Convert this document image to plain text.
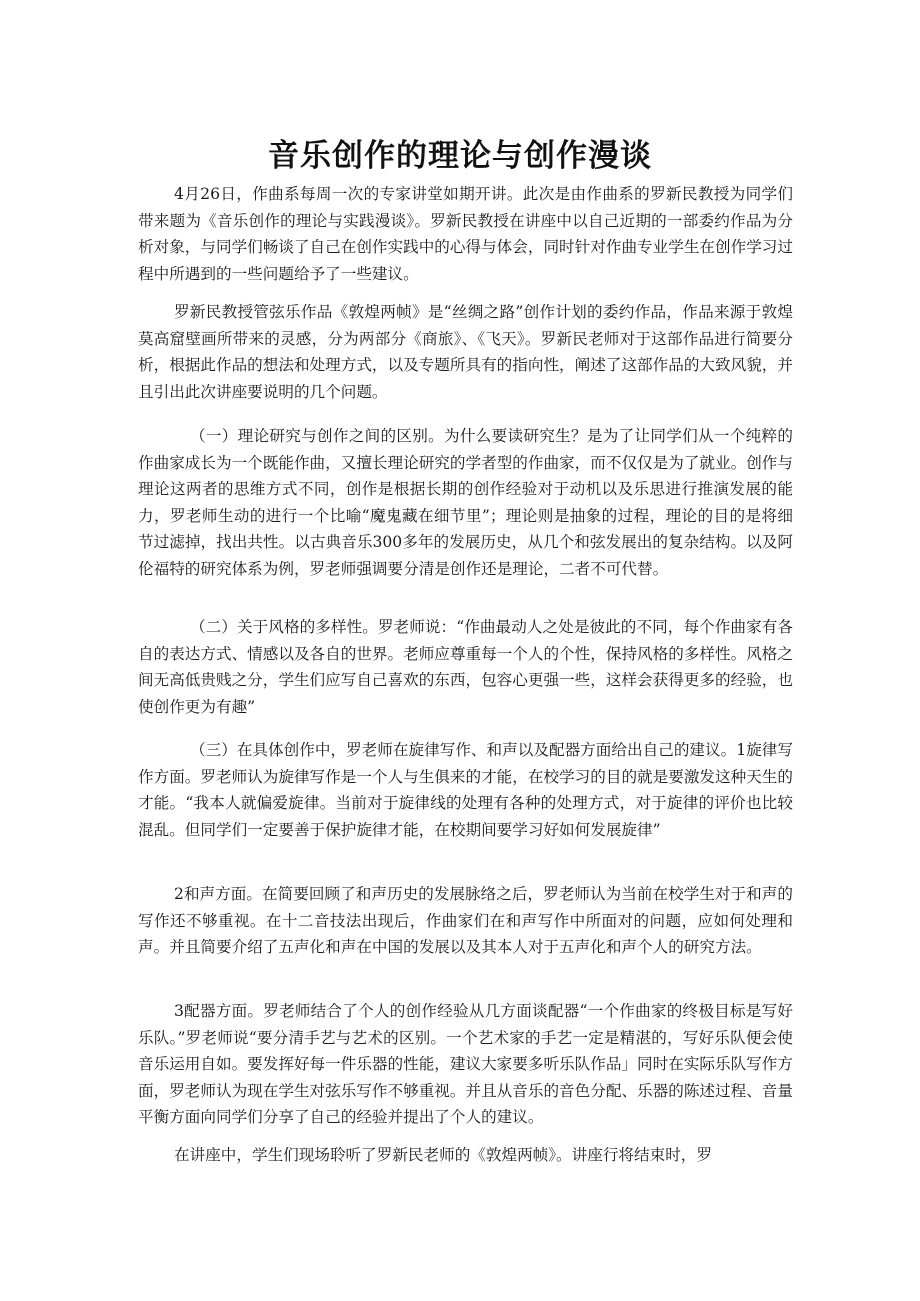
音乐创作的理论与创作漫谈

4月26日，作曲系每周一次的专家讲堂如期开讲。此次是由作曲系的罗新民教授为同学们带来题为《音乐创作的理论与实践漫谈》。罗新民教授在讲座中以自己近期的一部委约作品为分析对象，与同学们畅谈了自己在创作实践中的心得与体会，同时针对作曲专业学生在创作学习过程中所遇到的一些问题给予了一些建议。

罗新民教授管弦乐作品《敦煌两帧》是“丝绸之路”创作计划的委约作品，作品来源于敦煌莫高窟壁画所带来的灵感，分为两部分《商旅》、《飞天》。罗新民老师对于这部作品进行简要分析，根据此作品的想法和处理方式，以及专题所具有的指向性，阐述了这部作品的大致风貌，并且引出此次讲座要说明的几个问题。

（一）理论研究与创作之间的区别。为什么要读研究生？是为了让同学们从一个纯粹的作曲家成长为一个既能作曲，又擅长理论研究的学者型的作曲家，而不仅仅是为了就业。创作与理论这两者的思维方式不同，创作是根据长期的创作经验对于动机以及乐思进行推演发展的能力，罗老师生动的进行一个比喻“魔鬼藏在细节里”；理论则是抽象的过程，理论的目的是将细节过滤掉，找出共性。以古典音乐300多年的发展历史，从几个和弦发展出的复杂结构。以及阿伦福特的研究体系为例，罗老师强调要分清是创作还是理论，二者不可代替。

（二）关于风格的多样性。罗老师说：“作曲最动人之处是彼此的不同，每个作曲家有各自的表达方式、情感以及各自的世界。老师应尊重每一个人的个性，保持风格的多样性。风格之间无高低贵贱之分，学生们应写自己喜欢的东西，包容心更强一些，这样会获得更多的经验，也使创作更为有趣”

（三）在具体创作中，罗老师在旋律写作、和声以及配器方面给出自己的建议。1旋律写作方面。罗老师认为旋律写作是一个人与生俱来的才能，在校学习的目的就是要激发这种天生的才能。“我本人就偏爱旋律。当前对于旋律线的处理有各种的处理方式，对于旋律的评价也比较混乱。但同学们一定要善于保护旋律才能，在校期间要学习好如何发展旋律”

2和声方面。在简要回顾了和声历史的发展脉络之后，罗老师认为当前在校学生对于和声的写作还不够重视。在十二音技法出现后，作曲家们在和声写作中所面对的问题，应如何处理和声。并且简要介绍了五声化和声在中国的发展以及其本人对于五声化和声个人的研究方法。

3配器方面。罗老师结合了个人的创作经验从几方面谈配器“一个作曲家的终极目标是写好乐队。”罗老师说“要分清手艺与艺术的区别。一个艺术家的手艺一定是精湛的，写好乐队便会使音乐运用自如。要发挥好每一件乐器的性能，建议大家要多听乐队作品」同时在实际乐队写作方面，罗老师认为现在学生对弦乐写作不够重视。并且从音乐的音色分配、乐器的陈述过程、音量平衡方面向同学们分享了自己的经验并提出了个人的建议。

在讲座中，学生们现场聆听了罗新民老师的《敦煌两帧》。讲座行将结束时，罗
